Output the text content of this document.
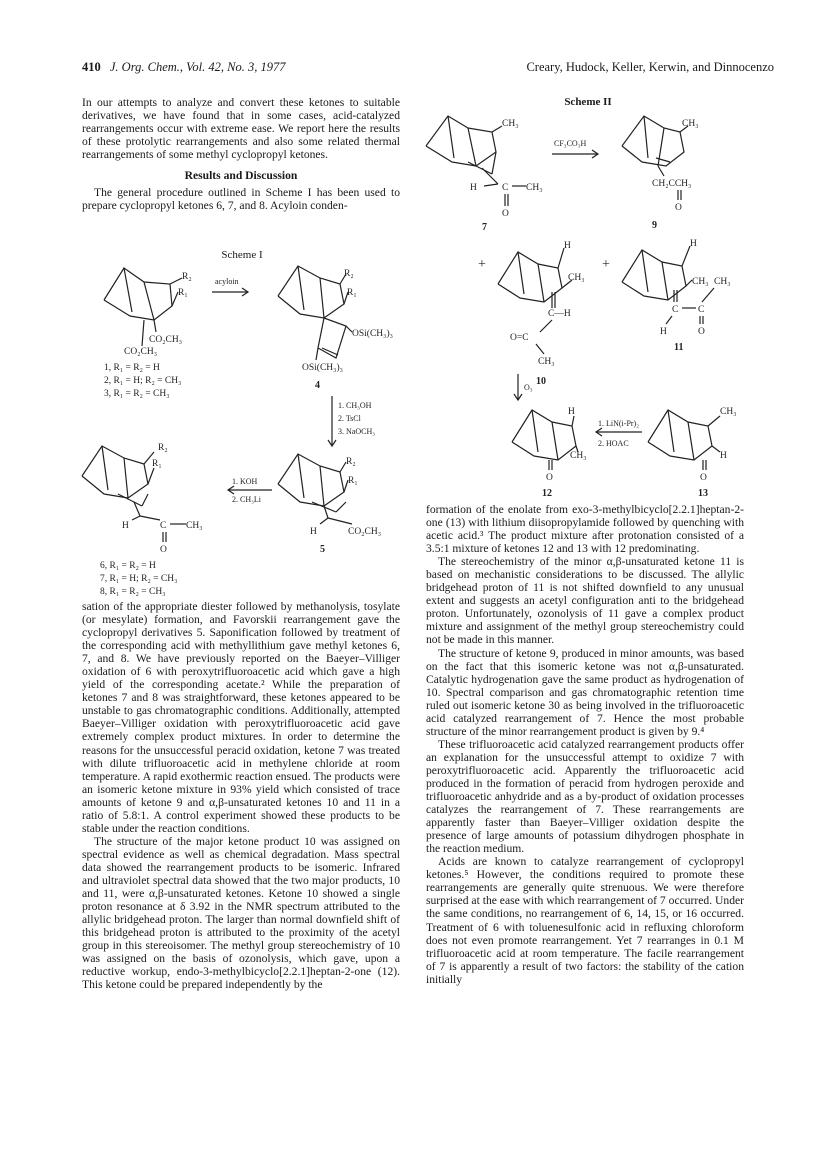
410 J. Org. Chem., Vol. 42, No. 3, 1977	Creary, Hudock, Keller, Kerwin, and Dinnocenzo

In our attempts to analyze and convert these ketones to suitable derivatives, we have found that in some cases, acid-catalyzed rearrangements occur with extreme ease. We report here the results of these protolytic rearrangements and also some related thermal rearrangements of some methyl cyclopropyl ketones.

Results and Discussion

The general procedure outlined in Scheme I has been used to prepare cyclopropyl ketones 6, 7, and 8. Acyloin conden-

Scheme I
R₂
R₁
CO₂CH₃
CO₂CH₃
1, R₁ = R₂ = H
2, R₁ = H; R₂ = CH₃
3, R₁ = R₂ = CH₃
acyloin
R₂
R₁
OSi(CH₃)₃
OSi(CH₃)₃
4
1. CH₃OH
2. TsCl
3. NaOCH₃
R₂
R₁
H	CO₂CH₃
5
1. KOH
2. CH₃Li
R₂
R₁
H	C CH₃
O
6, R₁ = R₂ = H
7, R₁ = H; R₂ = CH₃
8, R₁ = R₂ = CH₃

sation of the appropriate diester followed by methanolysis, tosylate (or mesylate) formation, and Favorskii rearrangement gave the cyclopropyl derivatives 5. Saponification followed by treatment of the corresponding acid with methyllithium gave methyl ketones 6, 7, and 8. We have previously reported on the Baeyer–Villiger oxidation of 6 with peroxytrifluoroacetic acid which gave a high yield of the corresponding acetate.² While the preparation of ketones 7 and 8 was straightforward, these ketones appeared to be unstable to gas chromatographic conditions. Additionally, attempted Baeyer–Villiger oxidation with peroxytrifluoroacetic acid gave extremely complex product mixtures. In order to determine the reasons for the unsuccessful peracid oxidation, ketone 7 was treated with dilute trifluoroacetic acid in methylene chloride at room temperature. A rapid exothermic reaction ensued. The products were an isomeric ketone mixture in 93% yield which consisted of trace amounts of ketone 9 and α,β-unsaturated ketones 10 and 11 in a ratio of 5.8:1. A control experiment showed these products to be stable under the reaction conditions.

The structure of the major ketone product 10 was assigned on spectral evidence as well as chemical degradation. Mass spectral data showed the rearrangement products to be isomeric. Infrared and ultraviolet spectral data showed that the two major products, 10 and 11, were α,β-unsaturated ketones. Ketone 10 showed a single proton resonance at δ 3.92 in the NMR spectrum attributed to the allylic bridgehead proton. The larger than normal downfield shift of this bridgehead proton is attributed to the proximity of the acetyl group in this stereoisomer. The methyl group stereochemistry of 10 was assigned on the basis of ozonolysis, which gave, upon a reductive workup, endo-3-methylbicyclo[2.2.1]heptan-2-one (12). This ketone could be prepared independently by the

Scheme II
CH₃
H	C CH₃
O
7
CF₃CO₃H
CH₃
CH₂CCH₃
O
9
+	+
H
CH₃
C—H
O=C
CH₃
10
H
CH₃ CH₃
C C
O
H
11
O₃
H
CH₃
O
12
1. LiN(i-Pr)₂
2. HOAC
CH₃
H
O
13

formation of the enolate from exo-3-methylbicyclo[2.2.1]heptan-2-one (13) with lithium diisopropylamide followed by quenching with acetic acid.³ The product mixture after protonation consisted of a 3.5:1 mixture of ketones 12 and 13 with 12 predominating.

The stereochemistry of the minor α,β-unsaturated ketone 11 is based on mechanistic considerations to be discussed. The allylic bridgehead proton of 11 is not shifted downfield to any unusual extent and suggests an acetyl configuration anti to the bridgehead proton. Unfortunately, ozonolysis of 11 gave a complex product mixture and assignment of the methyl group stereochemistry could not be made in this manner.

The structure of ketone 9, produced in minor amounts, was based on the fact that this isomeric ketone was not α,β-unsaturated. Catalytic hydrogenation gave the same product as hydrogenation of 10. Spectral comparison and gas chromatographic retention time ruled out isomeric ketone 30 as being involved in the trifluoroacetic acid catalyzed rearrangement of 7. Hence the most probable structure of the minor rearrangement product is given by 9.⁴

These trifluoroacetic acid catalyzed rearrangement products offer an explanation for the unsuccessful attempt to oxidize 7 with peroxytrifluoroacetic acid. Apparently the trifluoroacetic acid produced in the formation of peracid from hydrogen peroxide and trifluoroacetic anhydride and as a by-product of oxidation processes catalyzes the rearrangement of 7. These rearrangements are apparently faster than Baeyer–Villiger oxidation despite the presence of large amounts of potassium dihydrogen phosphate in the reaction medium.

Acids are known to catalyze rearrangement of cyclopropyl ketones.⁵ However, the conditions required to promote these rearrangements are generally quite strenuous. We were therefore surprised at the ease with which rearrangement of 7 occurred. Under the same conditions, no rearrangement of 6, 14, 15, or 16 occurred. Treatment of 6 with toluenesulfonic acid in refluxing chloroform does not even promote rearrangement. Yet 7 rearranges in 0.1 M trifluoroacetic acid at room temperature. The facile rearrangement of 7 is apparently a result of two factors: the stability of the cation initially
